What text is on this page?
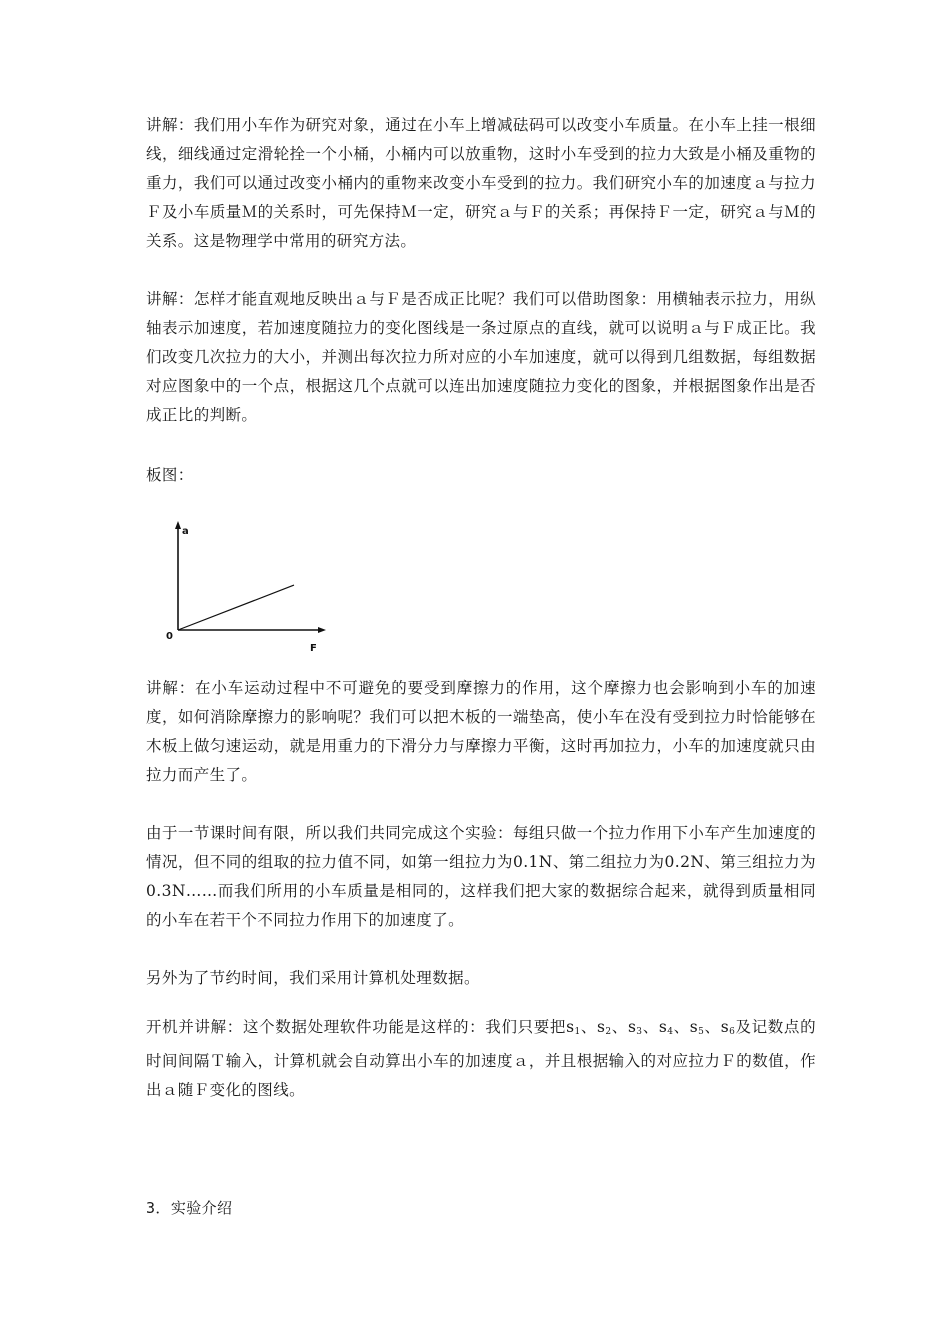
讲解：我们用小车作为研究对象，通过在小车上增减砝码可以改变小车质量。在小车上挂一根细线，细线通过定滑轮拴一个小桶，小桶内可以放重物，这时小车受到的拉力大致是小桶及重物的重力，我们可以通过改变小桶内的重物来改变小车受到的拉力。我们研究小车的加速度ａ与拉力Ｆ及小车质量Ｍ的关系时，可先保持Ｍ一定，研究ａ与Ｆ的关系；再保持Ｆ一定，研究ａ与Ｍ的关系。这是物理学中常用的研究方法。

讲解：怎样才能直观地反映出ａ与Ｆ是否成正比呢？我们可以借助图象：用横轴表示拉力，用纵轴表示加速度，若加速度随拉力的变化图线是一条过原点的直线，就可以说明ａ与Ｆ成正比。我们改变几次拉力的大小，并测出每次拉力所对应的小车加速度，就可以得到几组数据，每组数据对应图象中的一个点，根据这几个点就可以连出加速度随拉力变化的图象，并根据图象作出是否成正比的判断。

板图：

a
0
F

讲解：在小车运动过程中不可避免的要受到摩擦力的作用，这个摩擦力也会影响到小车的加速度，如何消除摩擦力的影响呢？我们可以把木板的一端垫高，使小车在没有受到拉力时恰能够在木板上做匀速运动，就是用重力的下滑分力与摩擦力平衡，这时再加拉力，小车的加速度就只由拉力而产生了。

由于一节课时间有限，所以我们共同完成这个实验：每组只做一个拉力作用下小车产生加速度的情况，但不同的组取的拉力值不同，如第一组拉力为0.1N、第二组拉力为0.2N、第三组拉力为0.3N……而我们所用的小车质量是相同的，这样我们把大家的数据综合起来，就得到质量相同的小车在若干个不同拉力作用下的加速度了。

另外为了节约时间，我们采用计算机处理数据。

开机并讲解：这个数据处理软件功能是这样的：我们只要把$s_1$、$s_2$、$s_3$、$s_4$、$s_5$、$s_6$及记数点的时间间隔Ｔ输入，计算机就会自动算出小车的加速度ａ，并且根据输入的对应拉力Ｆ的数值，作出ａ随Ｆ变化的图线。

3．实验介绍
